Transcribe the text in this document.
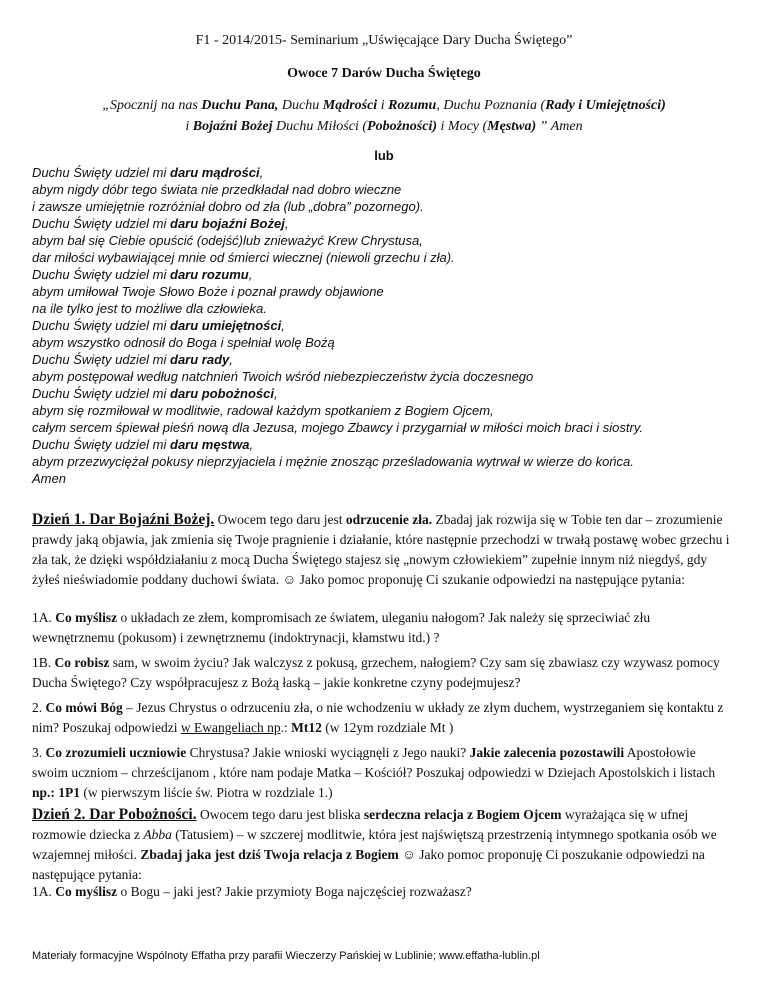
F1 - 2014/2015- Seminarium „Uświęcające Dary Ducha Świętego”
Owoce 7 Darów Ducha Świętego
„Spocznij na nas Duchu Pana, Duchu Mądrości i Rozumu, Duchu Poznania (Rady i Umiejętności)
i Bojaźni Bożej Duchu Miłości (Pobożności) i Mocy (Męstwa) ” Amen
lub
Duchu Święty udziel mi daru mądrości,
abym nigdy dóbr tego świata nie przedkładał nad dobro wieczne
i zawsze umiejętnie rozróżniał dobro od zła (lub „dobra” pozornego).
Duchu Święty udziel mi daru bojaźni Bożej,
abym bał się Ciebie opuścić (odejść)lub znieważyć Krew Chrystusa,
dar miłości wybawiającej mnie od śmierci wiecznej (niewoli grzechu i zła).
Duchu Święty udziel mi daru rozumu,
abym umiłował Twoje Słowo Boże i poznał prawdy objawione
na ile tylko jest to możliwe dla człowieka.
Duchu Święty udziel mi daru umiejętności,
abym wszystko odnosił do Boga i spełniał wolę Bożą
Duchu Święty udziel mi daru rady,
abym postępował według natchnień Twoich wśród niebezpieczeństw życia doczesnego
Duchu Święty udziel mi daru pobożności,
abym się rozmiłował w modlitwie, radował każdym spotkaniem z Bogiem Ojcem,
całym sercem śpiewał pieśń nową dla Jezusa, mojego Zbawcy i przygarniał w miłości moich braci i siostry.
Duchu Święty udziel mi daru męstwa,
abym przezwyciężał pokusy nieprzyjaciela i mężnie znosząc prześladowania wytrwał w wierze do końca.
Amen
Dzień 1. Dar Bojaźni Bożej. Owocem tego daru jest odrzucenie zła. Zbadaj jak rozwija się w Tobie ten dar – zrozumienie prawdy jaką objawia, jak zmienia się Twoje pragnienie i działanie, które następnie przechodzi w trwałą postawę wobec grzechu i zła tak, że dzięki współdziałaniu z mocą Ducha Świętego stajesz się „nowym człowiekiem” zupełnie innym niż niegdyś, gdy żyłeś nieświadomie poddany duchowi świata. ☺ Jako pomoc proponuję Ci szukanie odpowiedzi na następujące pytania:
1A. Co myślisz o układach ze złem, kompromisach ze światem, uleganiu nałogom? Jak należy się sprzeciwiać złu wewnętrznemu (pokusom) i zewnętrznemu (indoktrynacji, kłamstwu itd.) ?
1B. Co robisz sam, w swoim życiu? Jak walczysz z pokusą, grzechem, nałogiem? Czy sam się zbawiasz czy wzywasz pomocy Ducha Świętego? Czy współpracujesz z Bożą łaską – jakie konkretne czyny podejmujesz?
2. Co mówi Bóg – Jezus Chrystus o odrzuceniu zła, o nie wchodzeniu w układy ze złym duchem, wystrzeganiem się kontaktu z nim? Poszukaj odpowiedzi w Ewangeliach np.: Mt12 (w 12ym rozdziale Mt )
3. Co zrozumieli uczniowie Chrystusa? Jakie wnioski wyciągnęli z Jego nauki? Jakie zalecenia pozostawili Apostołowie swoim uczniom – chrześcijanom , które nam podaje Matka – Kościół? Poszukaj odpowiedzi w Dziejach Apostolskich i listach np.: 1P1 (w pierwszym liście św. Piotra w rozdziale 1.)
Dzień 2. Dar Pobożności. Owocem tego daru jest bliska serdeczna relacja z Bogiem Ojcem wyrażająca się w ufnej rozmowie dziecka z Abba (Tatusiem) – w szczerej modlitwie, która jest najświętszą przestrzenią intymnego spotkania osób we wzajemnej miłości. Zbadaj jaka jest dziś Twoja relacja z Bogiem ☺ Jako pomoc proponuję Ci poszukanie odpowiedzi na następujące pytania:
1A. Co myślisz o Bogu – jaki jest? Jakie przymioty Boga najczęściej rozważasz?
Materiały formacyjne Wspólnoty Effatha przy parafii Wieczerzy Pańskiej w Lublinie; www.effatha-lublin.pl
